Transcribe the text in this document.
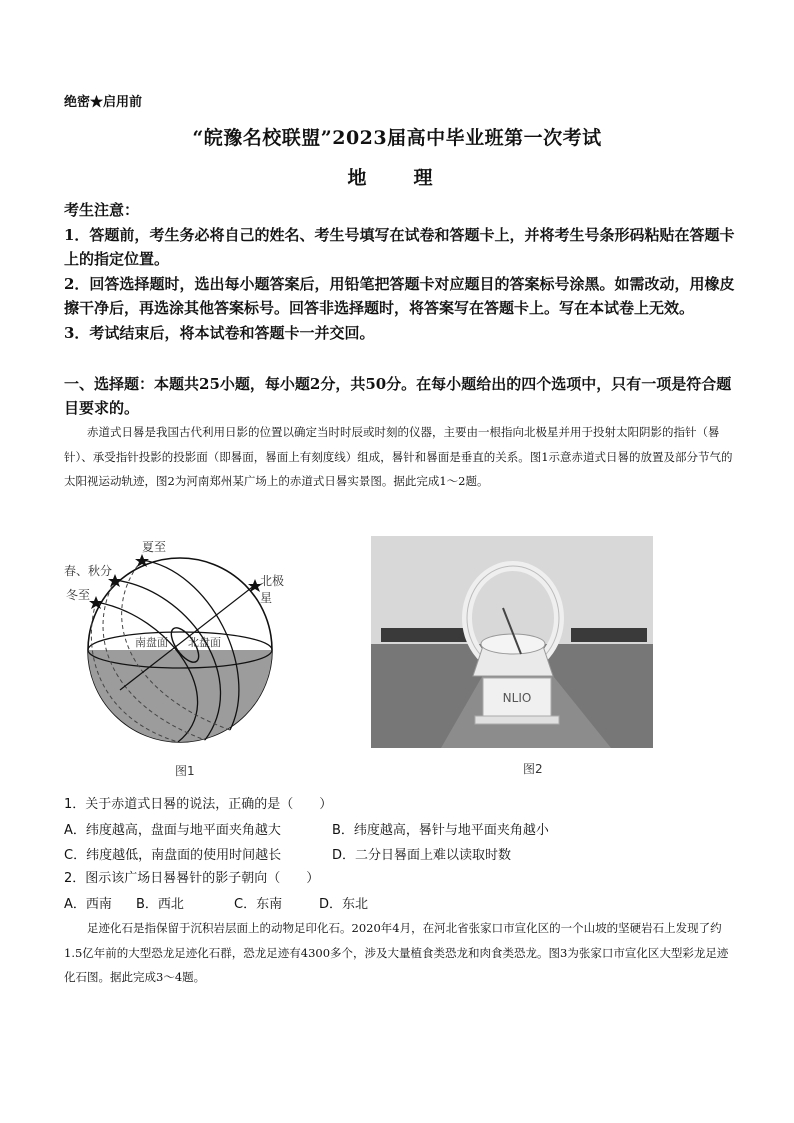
绝密★启用前
“皖豫名校联盟”2023届高中毕业班第一次考试
地　理

考生注意：

1．答题前，考生务必将自己的姓名、考生号填写在试卷和答题卡上，并将考生号条形码粘贴在答题卡上的指定位置。

2．回答选择题时，选出每小题答案后，用铅笔把答题卡对应题目的答案标号涂黑。如需改动，用橡皮擦干净后，再选涂其他答案标号。回答非选择题时，将答案写在答题卡上。写在本试卷上无效。

3．考试结束后，将本试卷和答题卡一并交回。

一、选择题：本题共25小题，每小题2分，共50分。在每小题给出的四个选项中，只有一项是符合题目要求的。
赤道式日晷是我国古代利用日影的位置以确定当时时辰或时刻的仪器，主要由一根指向北极星并用于投射太阳阴影的指针（晷针）、承受指针投影的投影面（即晷面，晷面上有刻度线）组成，晷针和晷面是垂直的关系。图1示意赤道式日晷的放置及部分节气的太阳视运动轨迹，图2为河南郑州某广场上的赤道式日晷实景图。据此完成1～2题。
夏至
春、秋分
冬至
北极星
南盘面 北盘面
图1
NLIO
图2
1．关于赤道式日晷的说法，正确的是（　　）
A．纬度越高，盘面与地平面夹角越大	B．纬度越高，晷针与地平面夹角越小
C．纬度越低，南盘面的使用时间越长	D．二分日晷面上难以读取时数
2．图示该广场日晷晷针的影子朝向（　　）
A．西南 B．西北	C．东南	D．东北
足迹化石是指保留于沉积岩层面上的动物足印化石。2020年4月，在河北省张家口市宣化区的一个山坡的坚硬岩石上发现了约1.5亿年前的大型恐龙足迹化石群，恐龙足迹有4300多个，涉及大量植食类恐龙和肉食类恐龙。图3为张家口市宣化区大型彩龙足迹化石图。据此完成3～4题。
